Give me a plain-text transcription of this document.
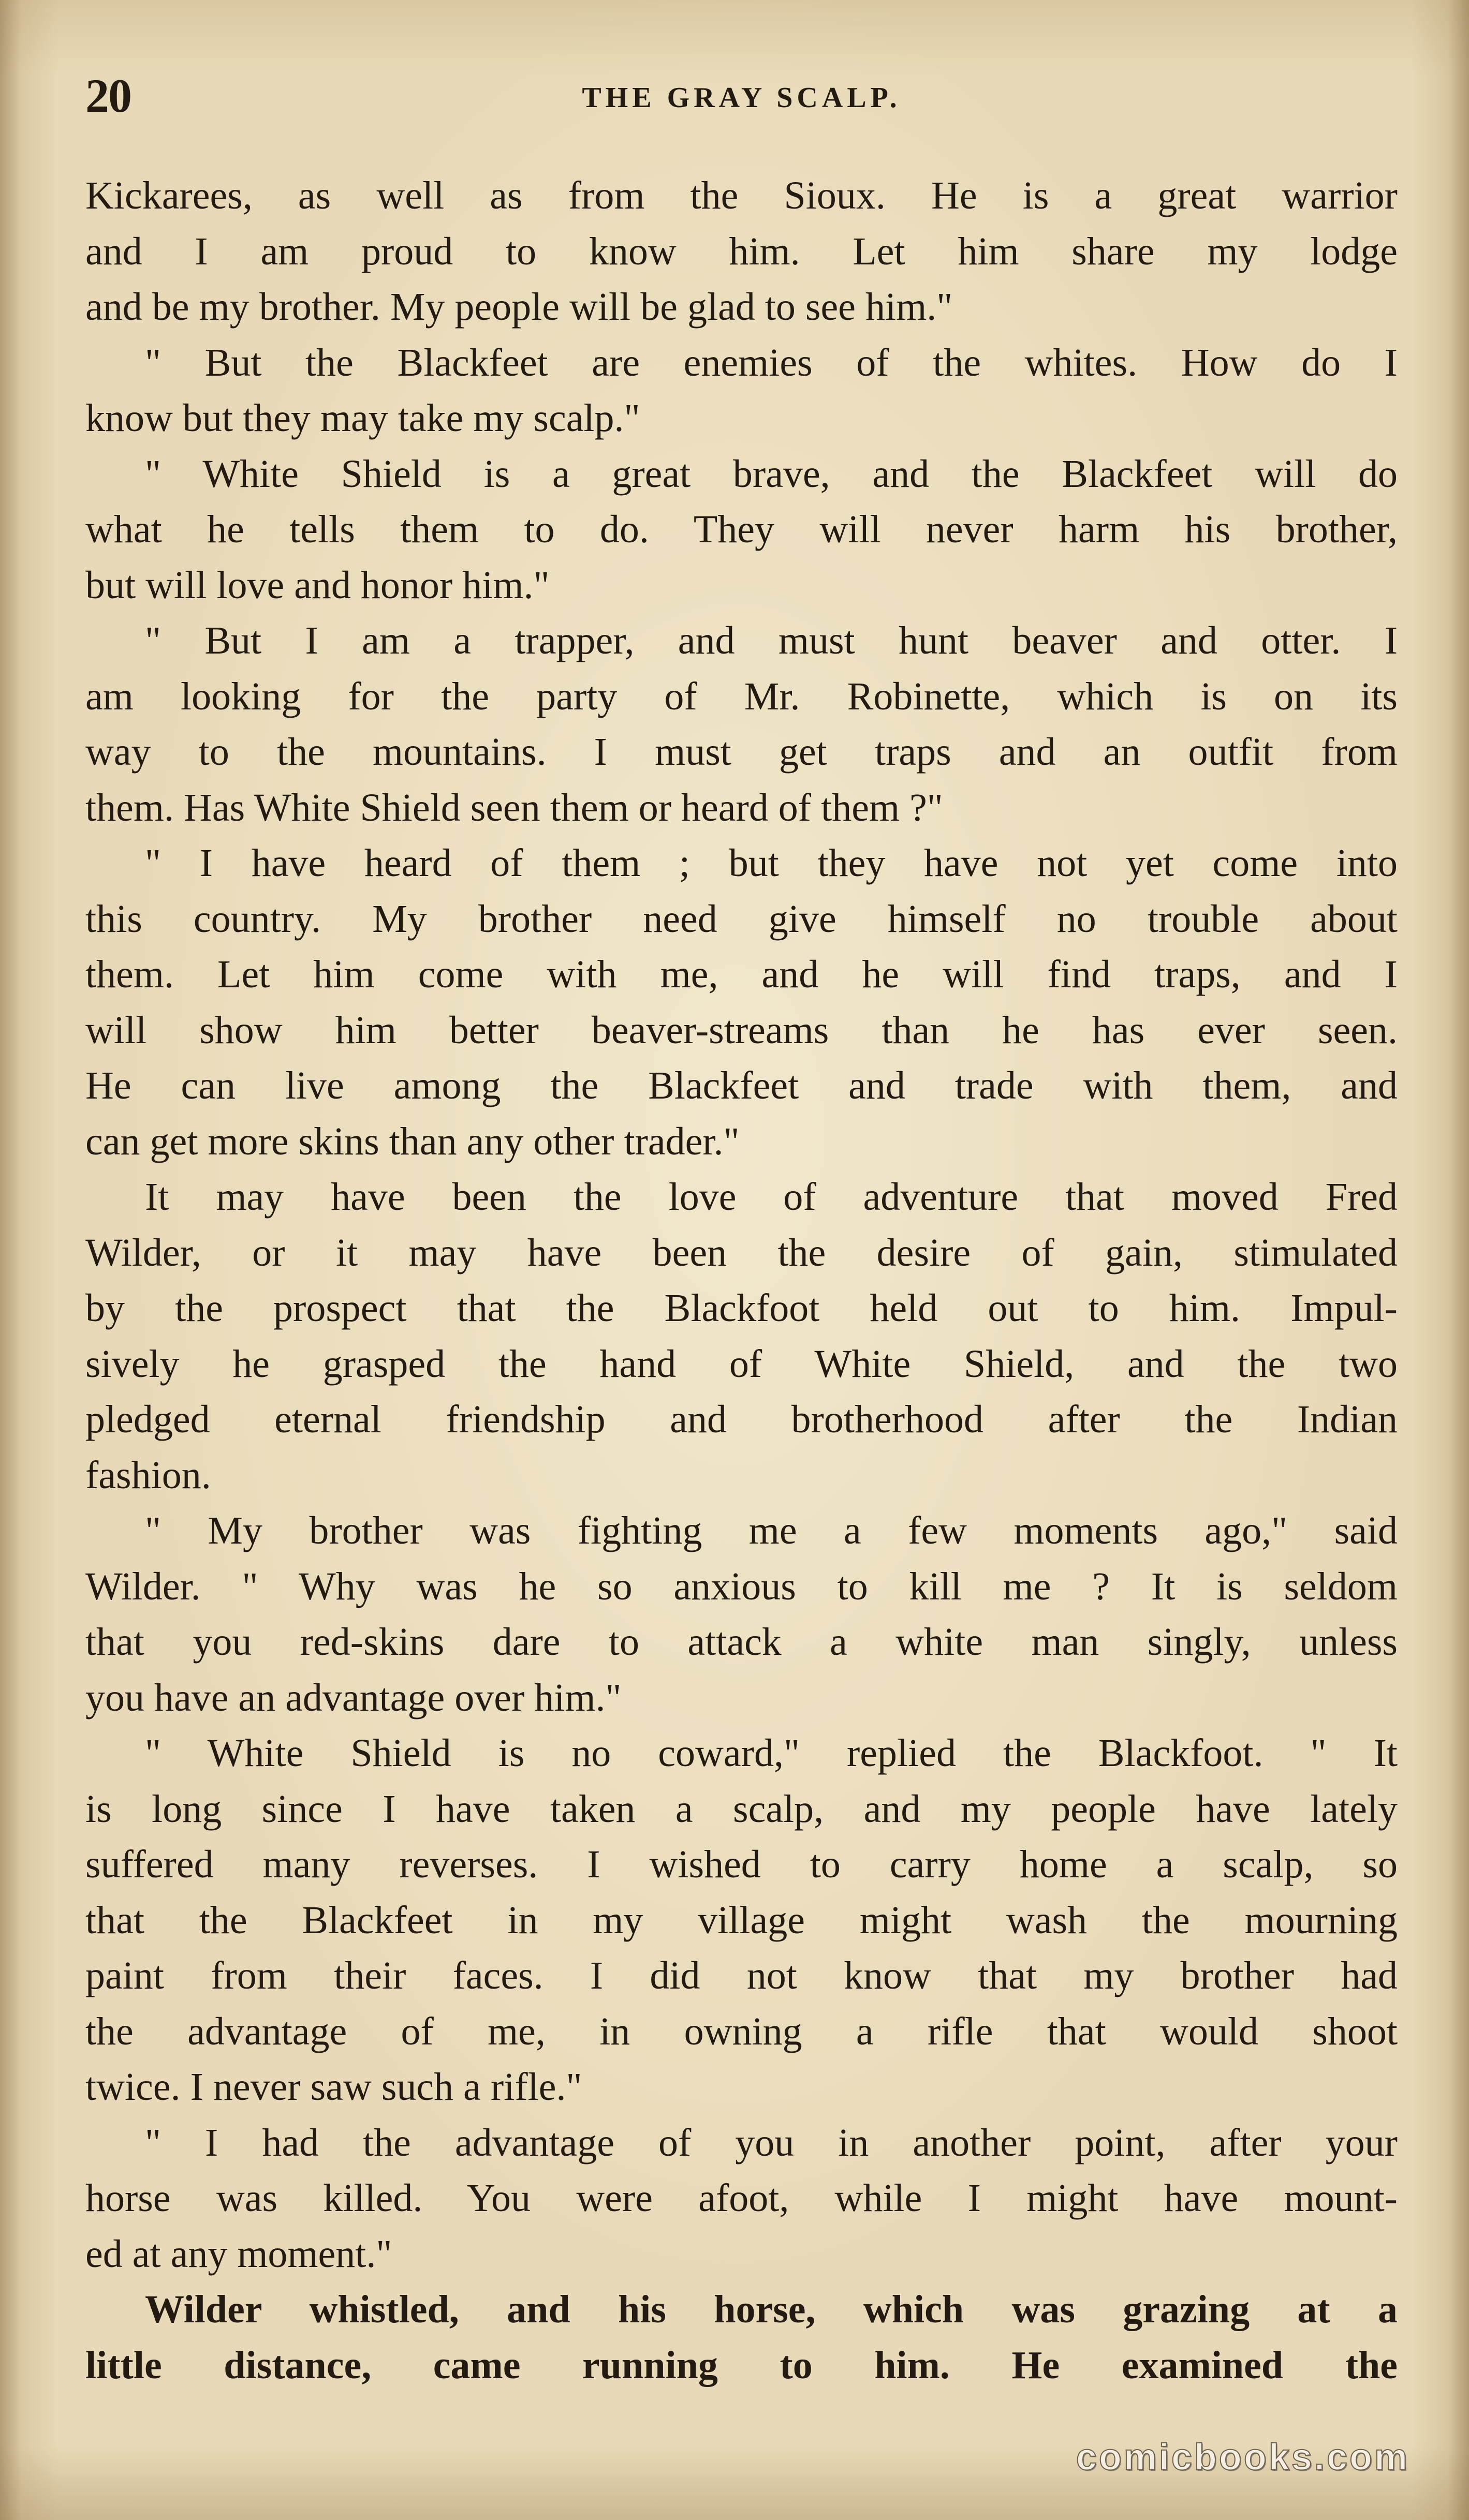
20	THE GRAY SCALP.
Kickarees, as well as from the Sioux. He is a great warrior
and I am proud to know him. Let him share my lodge
and be my brother. My people will be glad to see him."
" But the Blackfeet are enemies of the whites. How do I
know but they may take my scalp."
" White Shield is a great brave, and the Blackfeet will do
what he tells them to do. They will never harm his brother,
but will love and honor him."
" But I am a trapper, and must hunt beaver and otter. I
am looking for the party of Mr. Robinette, which is on its
way to the mountains. I must get traps and an outfit from
them. Has White Shield seen them or heard of them ?"
" I have heard of them ; but they have not yet come into
this country. My brother need give himself no trouble about
them. Let him come with me, and he will find traps, and I
will show him better beaver-streams than he has ever seen.
He can live among the Blackfeet and trade with them, and
can get more skins than any other trader."
It may have been the love of adventure that moved Fred
Wilder, or it may have been the desire of gain, stimulated
by the prospect that the Blackfoot held out to him. Impul-
sively he grasped the hand of White Shield, and the two
pledged eternal friendship and brotherhood after the Indian
fashion.
" My brother was fighting me a few moments ago," said
Wilder. " Why was he so anxious to kill me ? It is seldom
that you red-skins dare to attack a white man singly, unless
you have an advantage over him."
" White Shield is no coward," replied the Blackfoot. " It
is long since I have taken a scalp, and my people have lately
suffered many reverses. I wished to carry home a scalp, so
that the Blackfeet in my village might wash the mourning
paint from their faces. I did not know that my brother had
the advantage of me, in owning a rifle that would shoot
twice. I never saw such a rifle."
" I had the advantage of you in another point, after your
horse was killed. You were afoot, while I might have mount-
ed at any moment."
Wilder whistled, and his horse, which was grazing at a
little distance, came running to him. He examined the
comicbooks.com
